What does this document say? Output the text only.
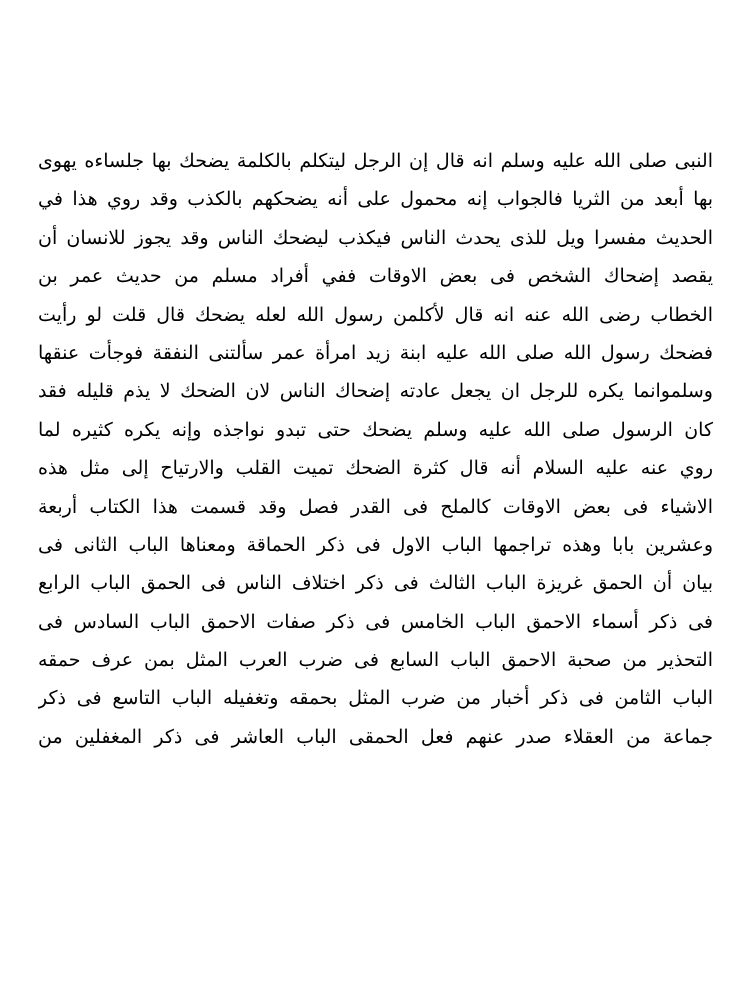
النبى صلى الله عليه وسلم انه قال إن الرجل ليتكلم بالكلمة يضحك بها جلساءه يهوى
بها أبعد من الثريا فالجواب إنه محمول على أنه يضحكهم بالكذب وقد روي هذا في
الحديث مفسرا ويل للذى يحدث الناس فيكذب ليضحك الناس وقد يجوز للانسان أن
يقصد إضحاك الشخص فى بعض الاوقات ففي أفراد مسلم من حديث عمر بن
الخطاب رضى الله عنه انه قال لأكلمن رسول الله لعله يضحك قال قلت لو رأيت
فضحك رسول الله صلى الله عليه ابنة زيد امرأة عمر سألتنى النفقة فوجأت عنقها
وسلموانما يكره للرجل ان يجعل عادته إضحاك الناس لان الضحك لا يذم قليله فقد
كان الرسول صلى الله عليه وسلم يضحك حتى تبدو نواجذه وإنه يكره كثيره لما
روي عنه عليه السلام أنه قال كثرة الضحك تميت القلب والارتياح إلى مثل هذه
الاشياء فى بعض الاوقات كالملح فى القدر فصل وقد قسمت هذا الكتاب أربعة
وعشرين بابا وهذه تراجمها الباب الاول فى ذكر الحماقة ومعناها الباب الثانى فى
بيان أن الحمق غريزة الباب الثالث فى ذكر اختلاف الناس فى الحمق الباب الرابع
فى ذكر أسماء الاحمق الباب الخامس فى ذكر صفات الاحمق الباب السادس فى
التحذير من صحبة الاحمق الباب السابع فى ضرب العرب المثل بمن عرف حمقه
الباب الثامن فى ذكر أخبار من ضرب المثل بحمقه وتغفيله الباب التاسع فى ذكر
جماعة من العقلاء صدر عنهم فعل الحمقى الباب العاشر فى ذكر المغفلين من
